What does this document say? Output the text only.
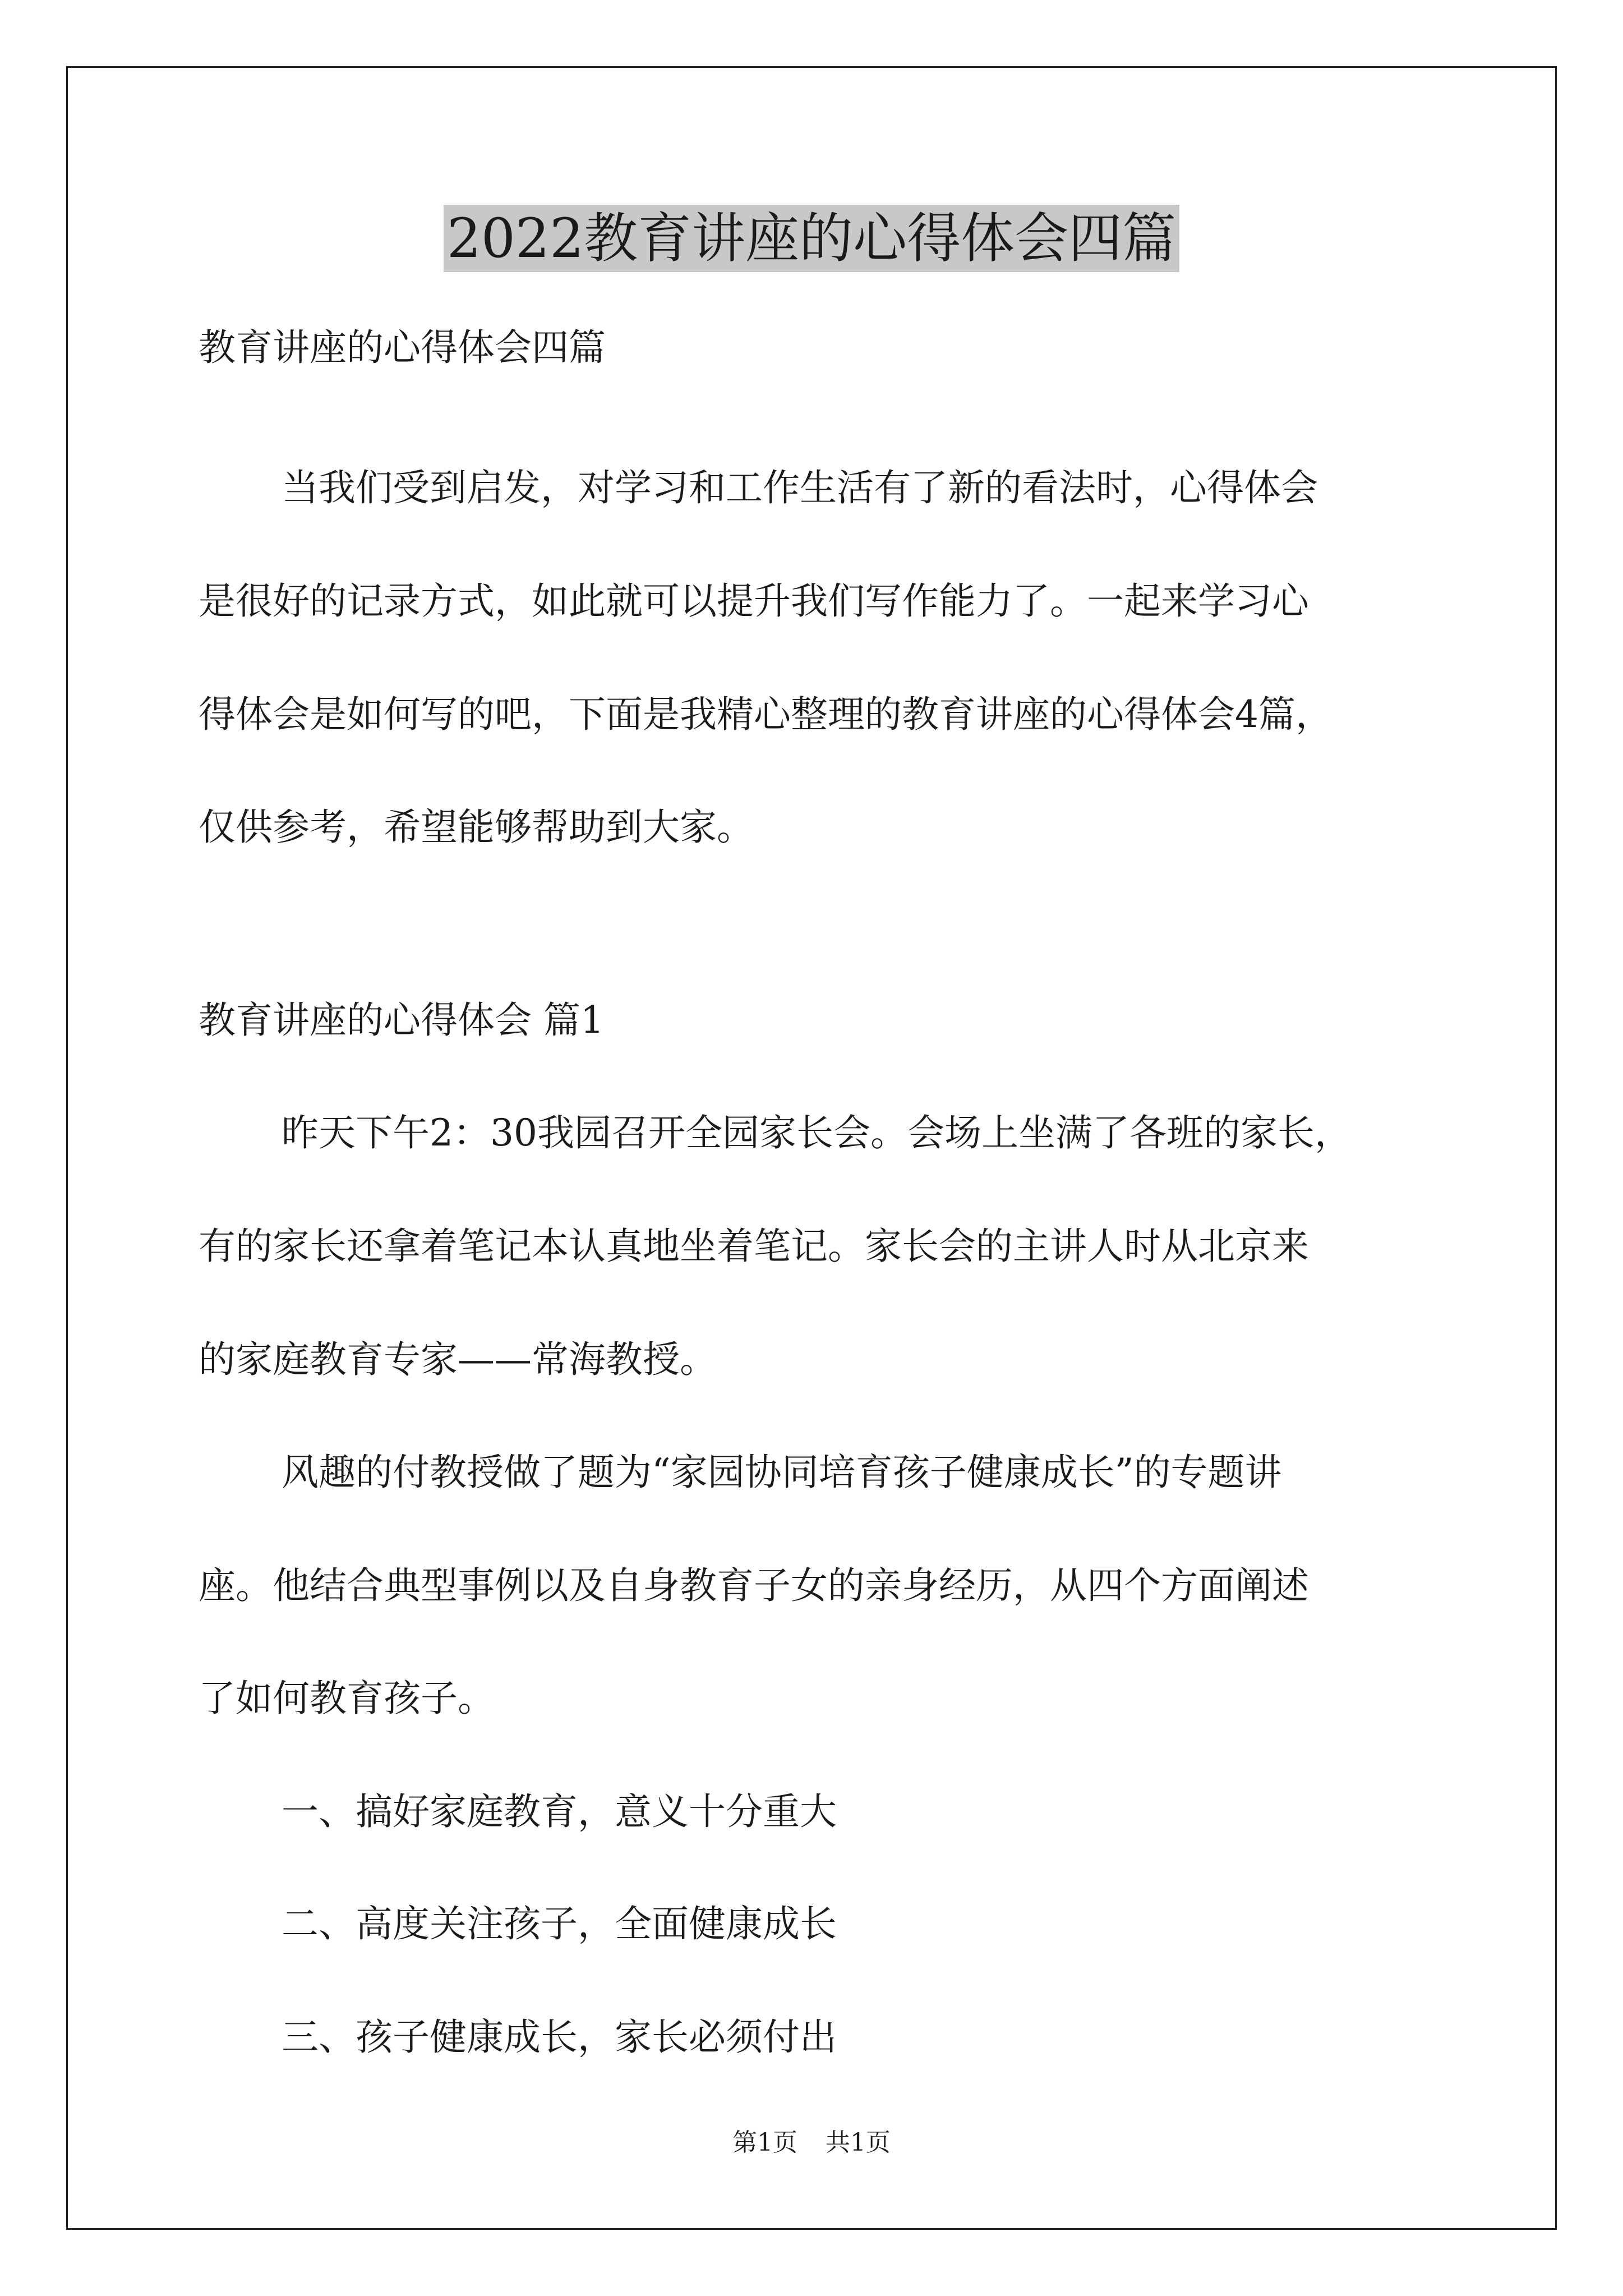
2022教育讲座的心得体会四篇

教育讲座的心得体会四篇

当我们受到启发，对学习和工作生活有了新的看法时，心得体会

是很好的记录方式，如此就可以提升我们写作能力了。一起来学习心

得体会是如何写的吧，下面是我精心整理的教育讲座的心得体会4篇，

仅供参考，希望能够帮助到大家。

教育讲座的心得体会 篇1

昨天下午2：30我园召开全园家长会。会场上坐满了各班的家长，

有的家长还拿着笔记本认真地坐着笔记。家长会的主讲人时从北京来

的家庭教育专家——常海教授。

风趣的付教授做了题为“家园协同培育孩子健康成长”的专题讲

座。他结合典型事例以及自身教育子女的亲身经历，从四个方面阐述

了如何教育孩子。

一、搞好家庭教育，意义十分重大

二、高度关注孩子，全面健康成长

三、孩子健康成长，家长必须付出

第1页 共1页
